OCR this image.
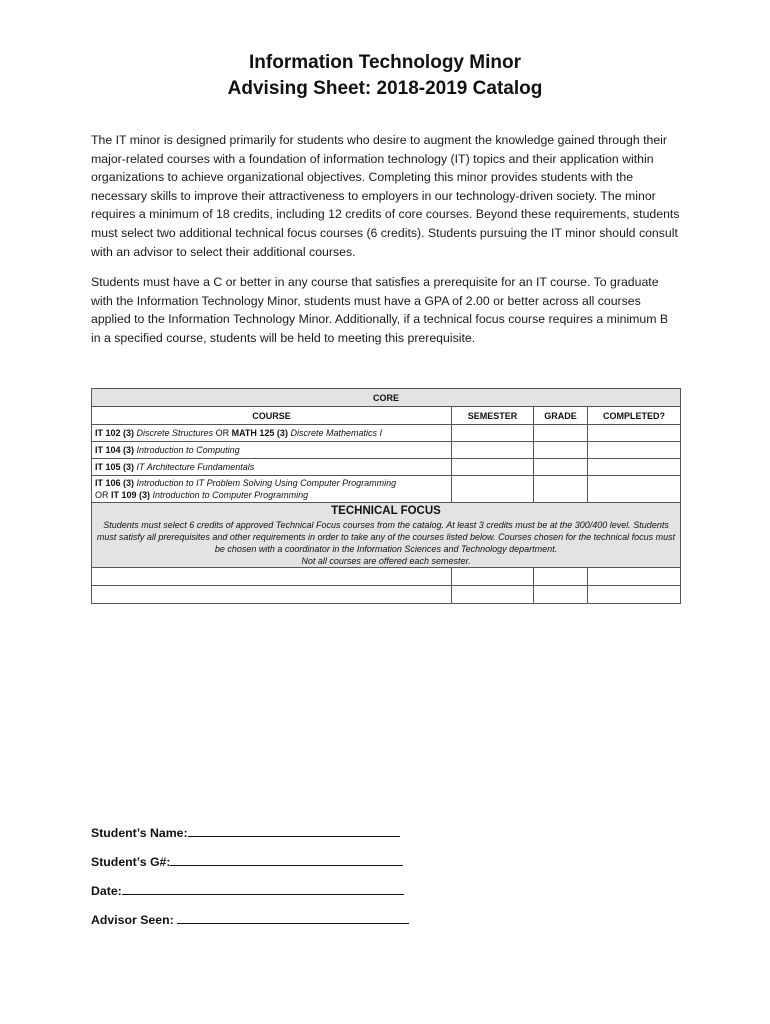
Information Technology Minor
Advising Sheet: 2018-2019 Catalog
The IT minor is designed primarily for students who desire to augment the knowledge gained through their major-related courses with a foundation of information technology (IT) topics and their application within organizations to achieve organizational objectives. Completing this minor provides students with the necessary skills to improve their attractiveness to employers in our technology-driven society. The minor requires a minimum of 18 credits, including 12 credits of core courses. Beyond these requirements, students must select two additional technical focus courses (6 credits). Students pursuing the IT minor should consult with an advisor to select their additional courses.
Students must have a C or better in any course that satisfies a prerequisite for an IT course. To graduate with the Information Technology Minor, students must have a GPA of 2.00 or better across all courses applied to the Information Technology Minor. Additionally, if a technical focus course requires a minimum B in a specified course, students will be held to meeting this prerequisite.
CORE			
COURSE	SEMESTER	GRADE	COMPLETED?
IT 102 (3) Discrete Structures OR MATH 125 (3) Discrete Mathematics I			
IT 104 (3) Introduction to Computing			
IT 105 (3) IT Architecture Fundamentals			

IT 106 (3) Introduction to IT Problem Solving Using Computer Programming
OR IT 109 (3) Introduction to Computer Programming			

TECHNICAL FOCUS
Students must select 6 credits of approved Technical Focus courses from the catalog. At least 3 credits must be at the 300/400 level. Students must satisfy all prerequisites and other requirements in order to take any of the courses listed below. Courses chosen for the technical focus must be chosen with a coordinator in the Information Sciences and Technology department.
Not all courses are offered each semester.			

Student’s Name:
Student’s G#:
Date:
Advisor Seen:
